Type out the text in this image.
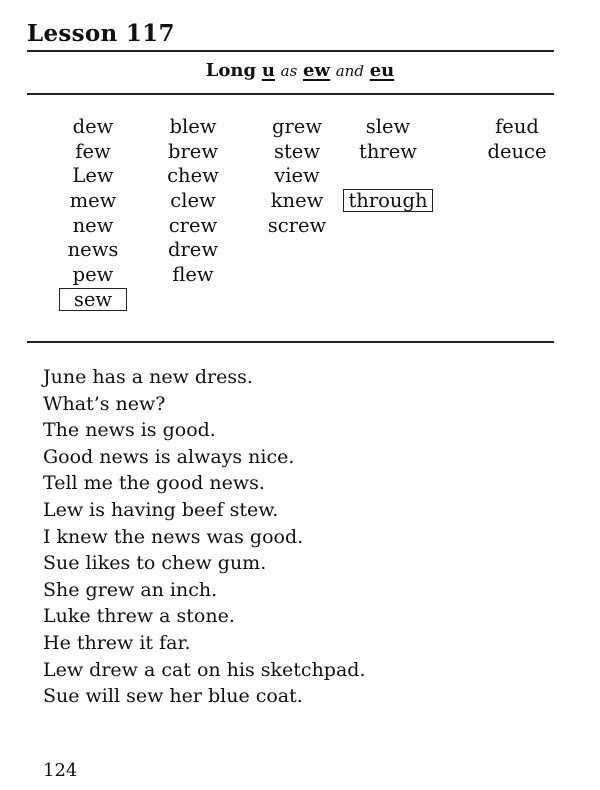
Lesson 117
Long u as ew and eu
dew
few
Lew
mew
new
news
pew
sew
blew
brew
chew
clew
crew
drew
flew
grew
stew
view
knew
screw
slew
threw
through
feud
deuce
June has a new dress.
What’s new?
The news is good.
Good news is always nice.
Tell me the good news.
Lew is having beef stew.
I knew the news was good.
Sue likes to chew gum.
She grew an inch.
Luke threw a stone.
He threw it far.
Lew drew a cat on his sketchpad.
Sue will sew her blue coat.
124
